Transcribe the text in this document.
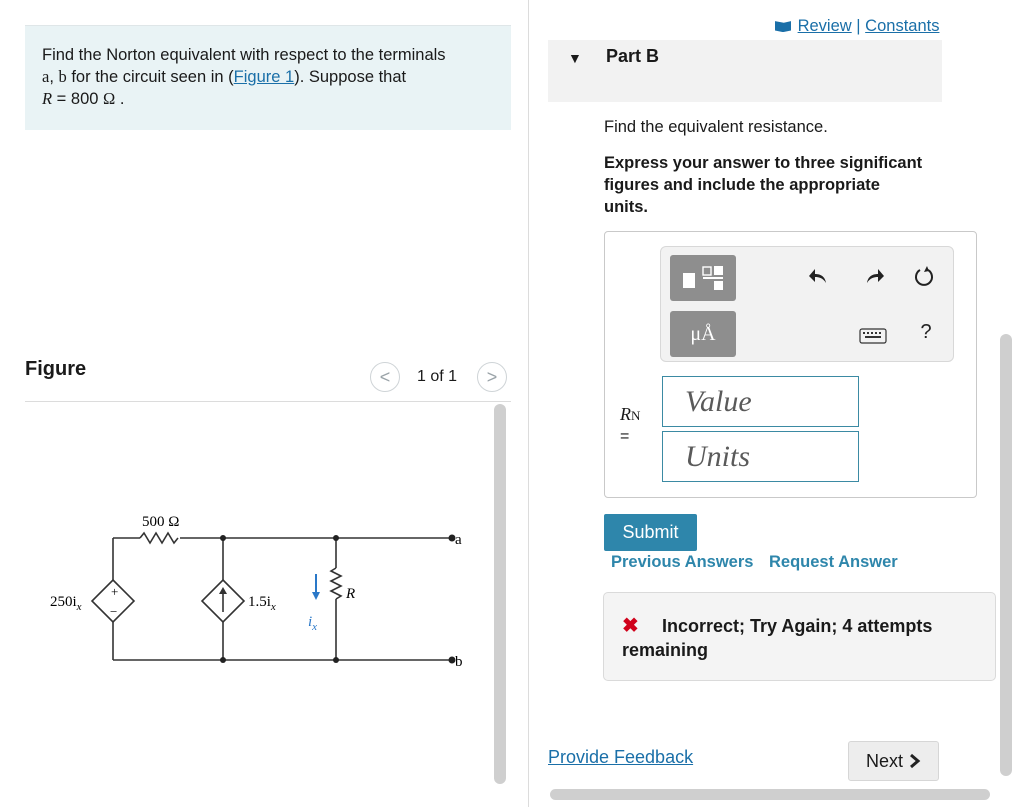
Find the Norton equivalent with respect to the terminals
a, b for the circuit seen in (Figure 1). Suppose that
R = 800 Ω .
Figure	< 1 of 1 >
500 Ω
+
−
$250i_x$	$1.5i_x$
$i_x$
R
a
b
Review | Constants
▼ Part B
Find the equivalent resistance.
Express your answer to three significant figures and include the appropriate units.
μÅ	?
RN
=
Value
Units
Submit
Previous Answers Request Answer
✖	Incorrect; Try Again; 4 attempts remaining
Provide Feedback	Next
